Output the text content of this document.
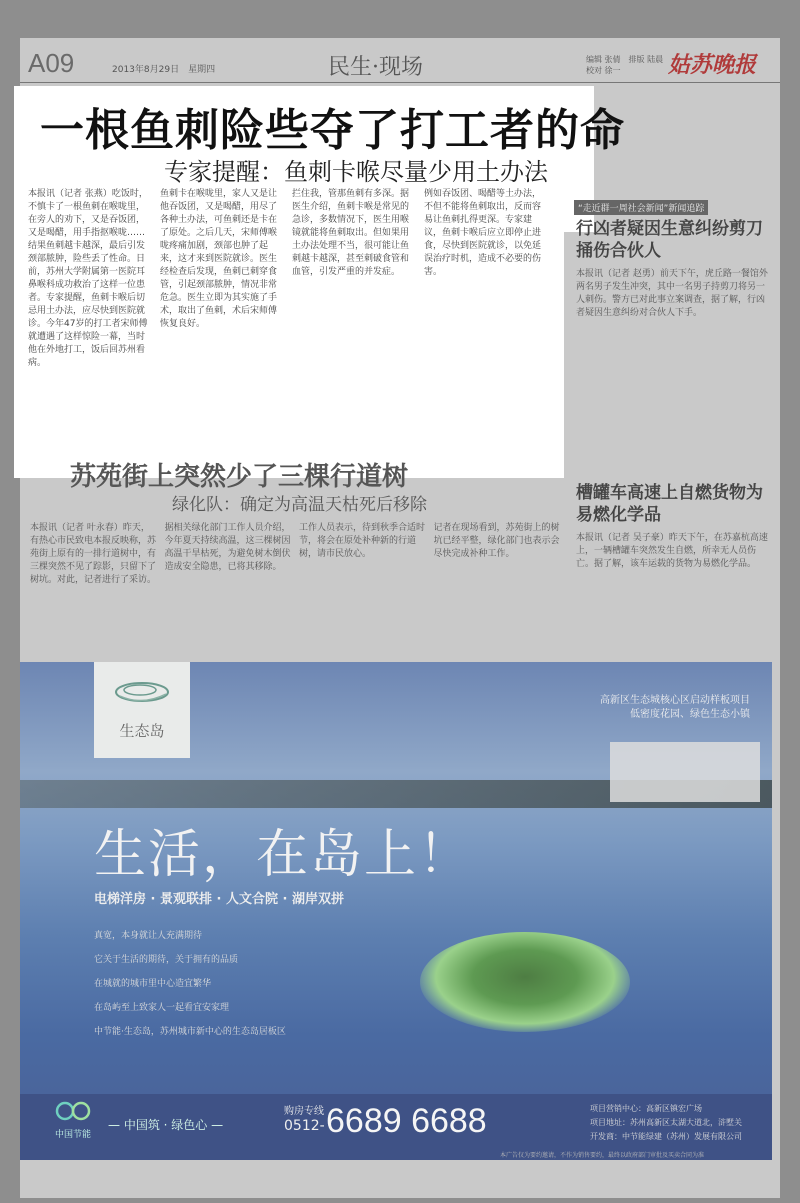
A09	2013年8月29日　星期四	民生·现场	编辑 张倩　排版 陆晨 校对 徐一	姑苏晚报
一根鱼刺险些夺了打工者的命
专家提醒：鱼刺卡喉尽量少用土办法
本报讯（记者 张燕）吃饭时，不慎卡了一根鱼刺在喉咙里，在旁人的劝下，又是吞饭团，又是喝醋，用手指抠喉咙……结果鱼刺越卡越深，最后引发颈部脓肿，险些丢了性命。日前，苏州大学附属第一医院耳鼻喉科成功救治了这样一位患者。专家提醒，鱼刺卡喉后切忌用土办法，应尽快到医院就诊。今年47岁的打工者宋师傅就遭遇了这样惊险一幕，当时他在外地打工，饭后回苏州看病。
鱼刺卡在喉咙里，家人又是让他吞饭团，又是喝醋，用尽了各种土办法，可鱼刺还是卡在了原处。之后几天，宋师傅喉咙疼痛加剧，颈部也肿了起来，这才来到医院就诊。医生经检查后发现，鱼刺已刺穿食管，引起颈部脓肿，情况非常危急。医生立即为其实施了手术，取出了鱼刺，术后宋师傅恢复良好。
拦住我，管那鱼刺有多深。据医生介绍，鱼刺卡喉是常见的急诊，多数情况下，医生用喉镜就能将鱼刺取出。但如果用土办法处理不当，很可能让鱼刺越卡越深，甚至刺破食管和血管，引发严重的并发症。
例如吞饭团、喝醋等土办法，不但不能将鱼刺取出，反而容易让鱼刺扎得更深。专家建议，鱼刺卡喉后应立即停止进食，尽快到医院就诊，以免延误治疗时机，造成不必要的伤害。
“走近群一周社会新闻”新闻追踪
行凶者疑因生意纠纷剪刀捅伤合伙人
本报讯（记者 赵勇）前天下午，虎丘路一餐馆外两名男子发生冲突，其中一名男子持剪刀将另一人刺伤。警方已对此事立案调查，据了解，行凶者疑因生意纠纷对合伙人下手。
槽罐车高速上自燃货物为易燃化学品
本报讯（记者 吴子豪）昨天下午，在苏嘉杭高速上，一辆槽罐车突然发生自燃，所幸无人员伤亡。据了解，该车运载的货物为易燃化学品。
苏苑街上突然少了三棵行道树
绿化队：确定为高温天枯死后移除
本报讯（记者 叶永春）昨天，有热心市民致电本报反映称，苏苑街上原有的一排行道树中，有三棵突然不见了踪影，只留下了树坑。对此，记者进行了采访。
据相关绿化部门工作人员介绍，今年夏天持续高温，这三棵树因高温干旱枯死，为避免树木倒伏造成安全隐患，已将其移除。
工作人员表示，待到秋季合适时节，将会在原处补种新的行道树，请市民放心。
记者在现场看到，苏苑街上的树坑已经平整，绿化部门也表示会尽快完成补种工作。
生态岛
高新区生态城核心区启动样板项目
低密度花园、绿色生态小镇
生活，在岛上！
电梯洋房 · 景观联排 · 人文合院 · 湖岸双拼
真宽，本身就让人充满期待
它关于生活的期待，关于拥有的品质
在城就的城市里中心造宜繁华
在岛屿至上致家人一起看宜安家理
中节能·生态岛，苏州城市新中心的生态岛居板区
中国节能
— 中国筑 · 绿色心 —
购房专线
0512- 6689 6688	项目营销中心：高新区镇宏广场
项目地址：苏州高新区太湖大道北，浒墅关
开发商：中节能绿建（苏州）发展有限公司
本广告仅为要约邀请，不作为销售要约，最终以政府部门审批及买卖合同为准
